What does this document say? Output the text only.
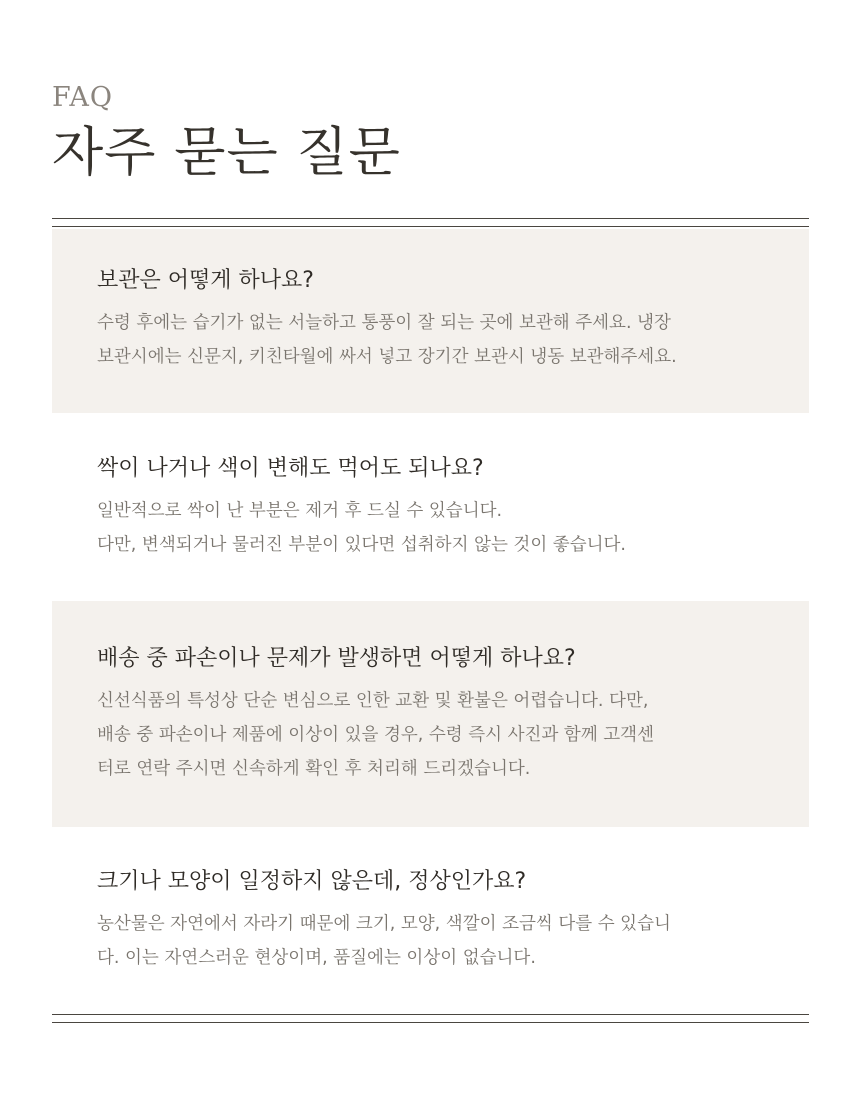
FAQ

자주 묻는 질문
보관은 어떻게 하나요?

수령 후에는 습기가 없는 서늘하고 통풍이 잘 되는 곳에 보관해 주세요. 냉장
보관시에는 신문지, 키친타월에 싸서 넣고 장기간 보관시 냉동 보관해주세요.

싹이 나거나 색이 변해도 먹어도 되나요?

일반적으로 싹이 난 부분은 제거 후 드실 수 있습니다.
다만, 변색되거나 물러진 부분이 있다면 섭취하지 않는 것이 좋습니다.

배송 중 파손이나 문제가 발생하면 어떻게 하나요?

신선식품의 특성상 단순 변심으로 인한 교환 및 환불은 어렵습니다. 다만,
배송 중 파손이나 제품에 이상이 있을 경우, 수령 즉시 사진과 함께 고객센
터로 연락 주시면 신속하게 확인 후 처리해 드리겠습니다.

크기나 모양이 일정하지 않은데, 정상인가요?

농산물은 자연에서 자라기 때문에 크기, 모양, 색깔이 조금씩 다를 수 있습니
다. 이는 자연스러운 현상이며, 품질에는 이상이 없습니다.
